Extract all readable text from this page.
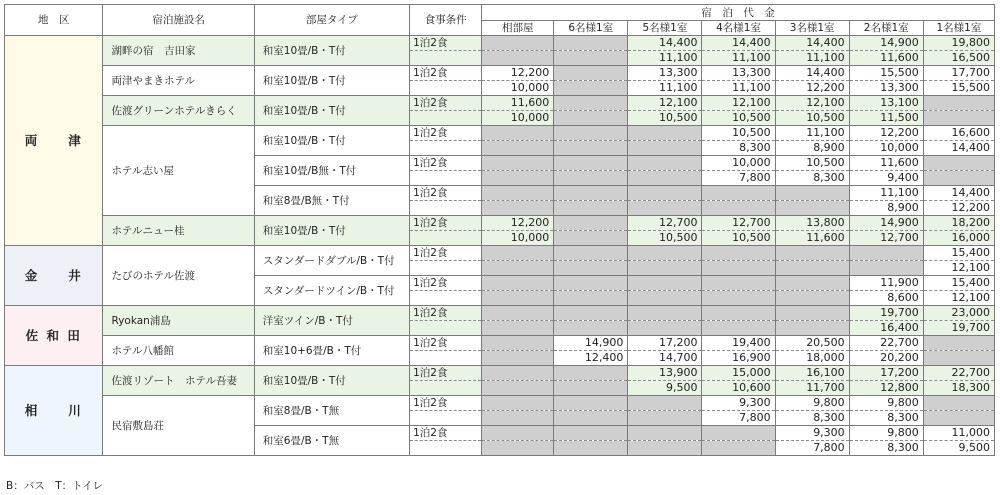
地　区	宿泊施設名	部屋タイプ	食事条件	宿　泊　代　金						
				相部屋	6名様1室	5名様1室	4名様1室	3名様1室	2名様1室	1名様1室
両　　津	湖畔の宿　吉田家	和室10畳/B・T付	1泊2食			14,400	14,400	14,400	14,900	19,800
						11,100	11,100	11,100	11,600	16,500
	両津やまきホテル	和室10畳/B・T付	1泊2食	12,200		13,300	13,300	14,400	15,500	17,700
				10,000		11,100	11,100	12,200	13,300	15,500
	佐渡グリーンホテルきらく	和室10畳/B・T付	1泊2食	11,600		12,100	12,100	12,100	13,100	
				10,000		10,500	10,500	10,500	11,500	
	ホテル志い屋	和室10畳/B・T付	1泊2食				10,500	11,100	12,200	16,600
							8,300	8,900	10,000	14,400
		和室10畳/B無・T付	1泊2食				10,000	10,500	11,600	
							7,800	8,300	9,400	
		和室8畳/B無・T付	1泊2食						11,100	14,400
									8,900	12,200
	ホテルニュー桂	和室10畳/B・T付	1泊2食	12,200		12,700	12,700	13,800	14,900	18,200
				10,000		10,500	10,500	11,600	12,700	16,000
金　　井	たびのホテル佐渡	スタンダードダブル/B・T付	1泊2食							15,400
										12,100
		スタンダードツイン/B・T付	1泊2食						11,900	15,400
									8,600	12,100
佐 和 田	Ryokan浦島	洋室ツイン/B・T付	1泊2食						19,700	23,000
									16,400	19,700
	ホテル八幡館	和室10+6畳/B・T付	1泊2食		14,900	17,200	19,400	20,500	22,700	
					12,400	14,700	16,900	18,000	20,200	
相　　川	佐渡リゾート　ホテル吾妻	和室10畳/B・T付	1泊2食			13,900	15,000	16,100	17,200	22,700
						9,500	10,600	11,700	12,800	18,300
	民宿敷島荘	和室8畳/B・T無	1泊2食				9,300	9,800	9,800	
							7,800	8,300	8,300	
		和室6畳/B・T無	1泊2食					9,300	9,800	11,000
								7,800	8,300	9,500
B：バス　T：トイレ
